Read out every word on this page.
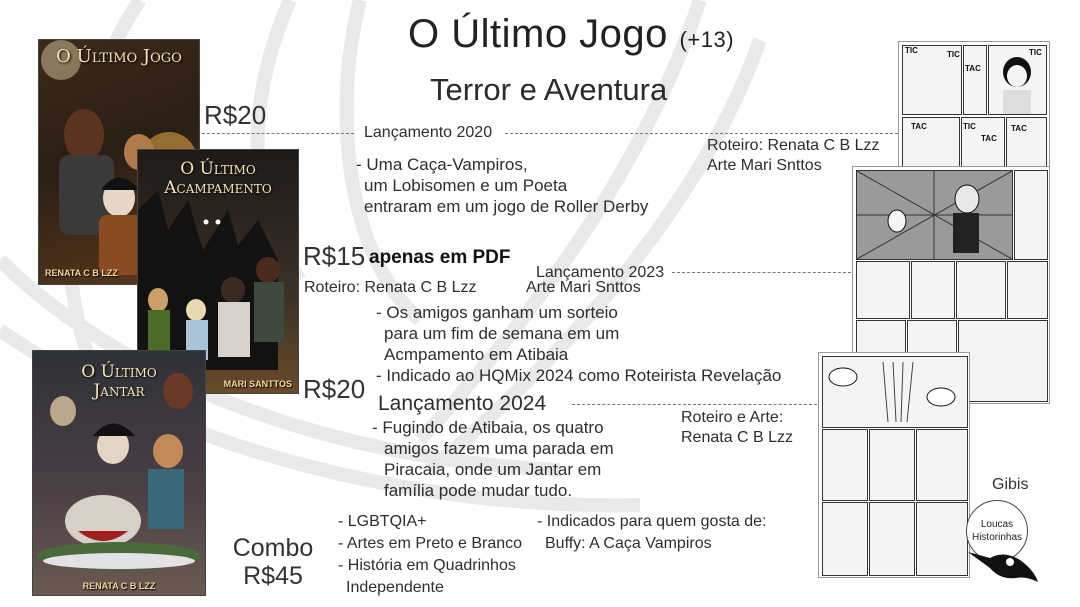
O Último Jogo (+13)
Terror e Aventura
O Último Jogo
RENATA C B LZZ
O Último
Acampamento
MARI SANTTOS
O Último
Jantar
RENATA C B LZZ
R$20
Lançamento 2020
Roteiro: Renata C B Lzz
Arte Mari Snttos
- Uma Caça-Vampiros,
um Lobisomen e um Poeta
entraram em um jogo de Roller Derby
R$15 apenas em PDF
Lançamento 2023
Roteiro: Renata C B Lzz	Arte Mari Snttos
- Os amigos ganham um sorteio
para um fim de semana em um
Acmpamento em Atibaia
- Indicado ao HQMix 2024 como Roteirista Revelação
R$20 Lançamento 2024
Roteiro e Arte:
Renata C B Lzz
- Fugindo de Atibaia, os quatro
amigos fazem uma parada em
Piracaia, onde um Jantar em
família pode mudar tudo.
Combo
R$45
- LGBTQIA+
- Artes em Preto e Branco
- História em Quadrinhos
Independente
- Indicados para quem gosta de:
Buffy: A Caça Vampiros
TIC	TIC
TAC
TIC
TAC	TIC
TAC
TAC
Gibis
Loucas
Historinhas
